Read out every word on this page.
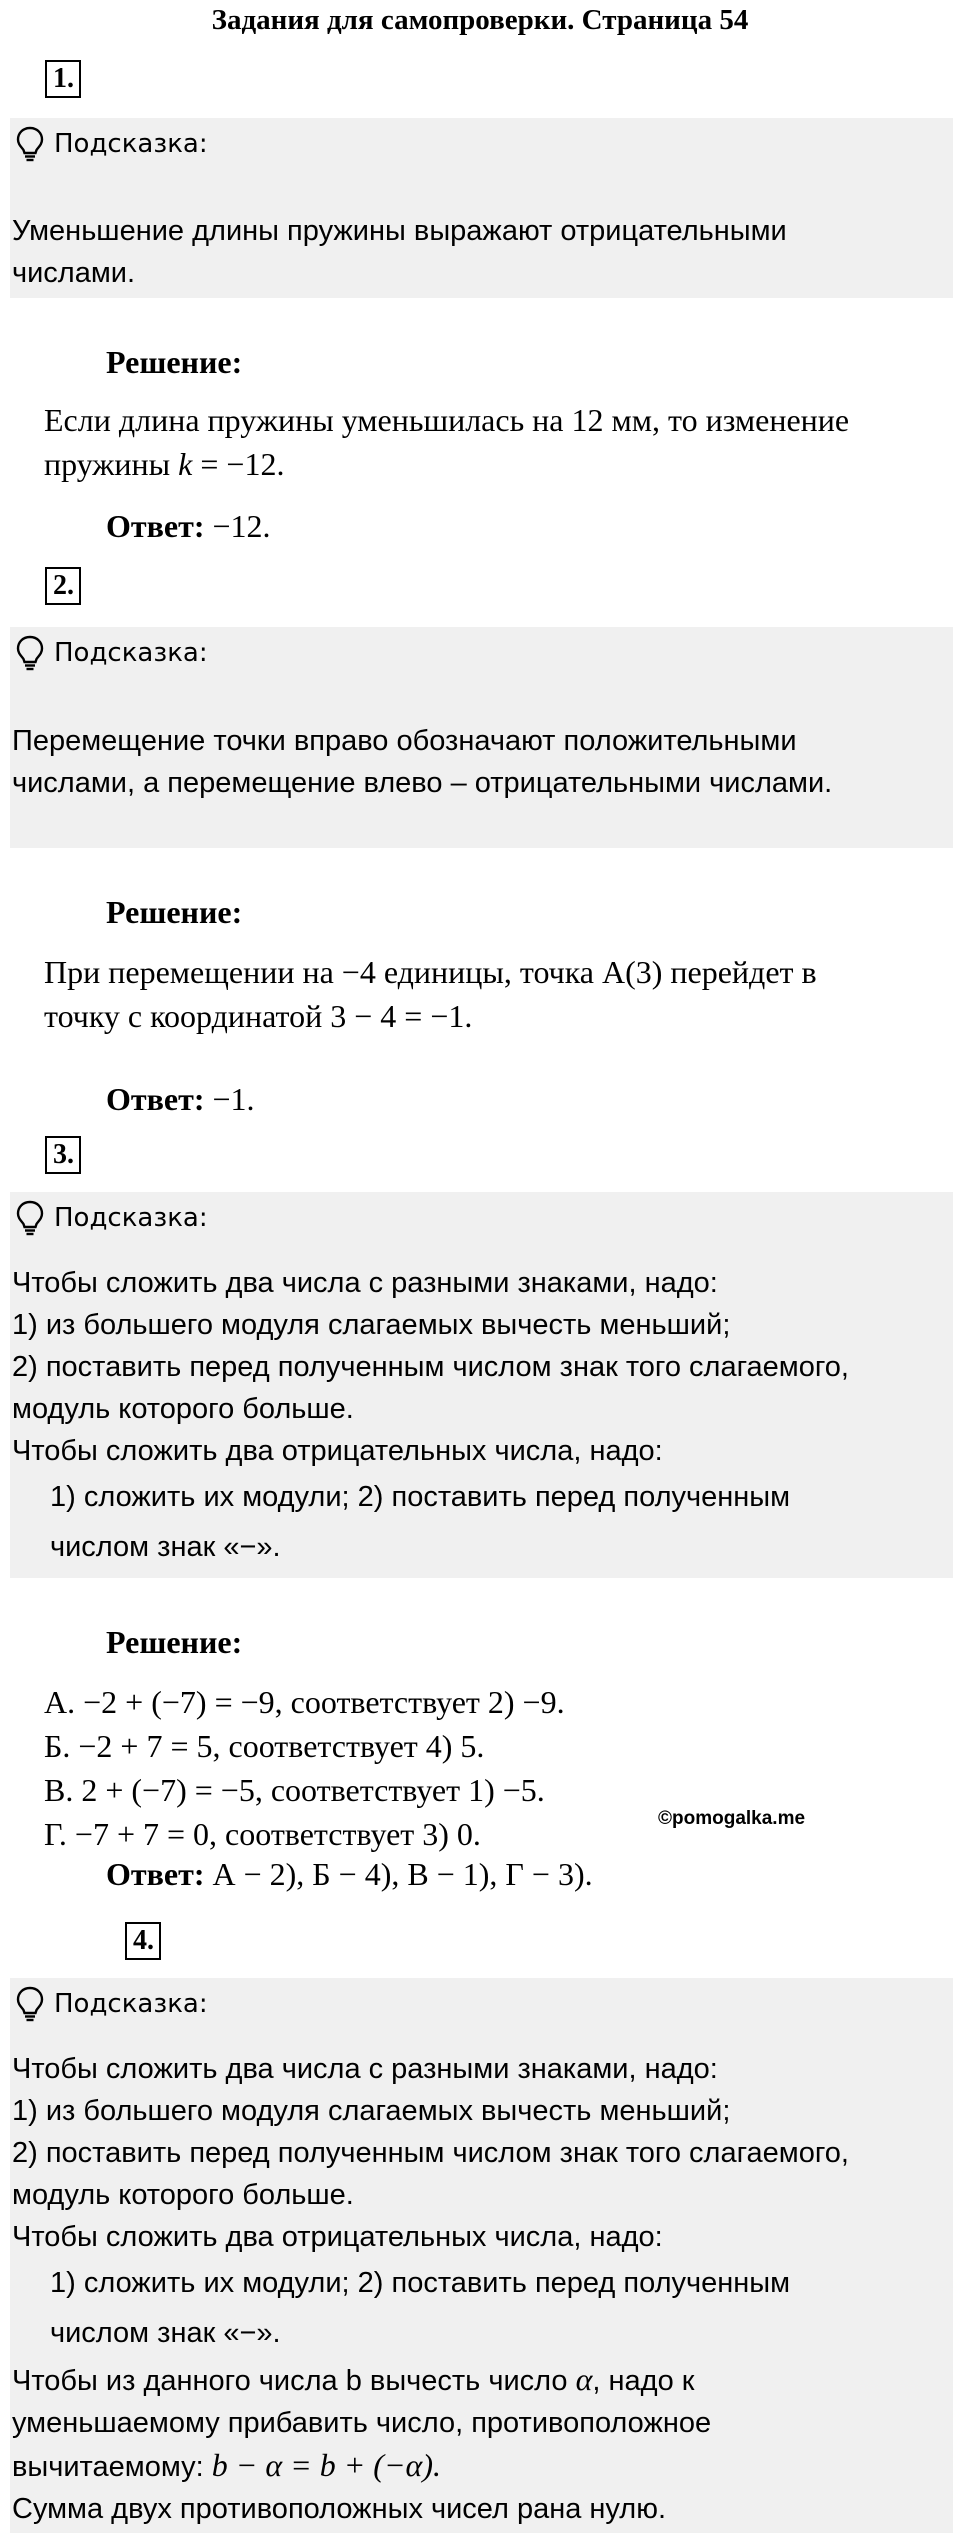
Задания для самопроверки. Страница 54
1.
Подсказка:
Уменьшение длины пружины выражают отрицательными
числами.
Решение:
Если длина пружины уменьшилась на 12 мм, то изменение
пружины k = −12.
Ответ: −12.
2.
Подсказка:
Перемещение точки вправо обозначают положительными
числами, а перемещение влево – отрицательными числами.
Решение:
При перемещении на −4 единицы, точка A(3) перейдет в
точку с координатой 3 − 4 = −1.
Ответ: −1.
3.
Подсказка:
Чтобы сложить два числа с разными знаками, надо:
1) из большего модуля слагаемых вычесть меньший;
2) поставить перед полученным числом знак того слагаемого,
модуль которого больше.
Чтобы сложить два отрицательных числа, надо:
1) сложить их модули; 2) поставить перед полученным
числом знак «−».
Решение:
А. −2 + (−7) = −9, соответствует 2) −9.
Б. −2 + 7 = 5, соответствует 4) 5.
В. 2 + (−7) = −5, соответствует 1) −5.
Г. −7 + 7 = 0, соответствует 3) 0.	©pomogalka.me
Ответ: А − 2), Б − 4), В − 1), Г − 3).
4.
Подсказка:
Чтобы сложить два числа с разными знаками, надо:
1) из большего модуля слагаемых вычесть меньший;
2) поставить перед полученным числом знак того слагаемого,
модуль которого больше.
Чтобы сложить два отрицательных числа, надо:
1) сложить их модули; 2) поставить перед полученным
числом знак «−».
Чтобы из данного числа b вычесть число α, надо к
уменьшаемому прибавить число, противоположное
вычитаемому: b − α = b + (−α).
Сумма двух противоположных чисел рана нулю.
